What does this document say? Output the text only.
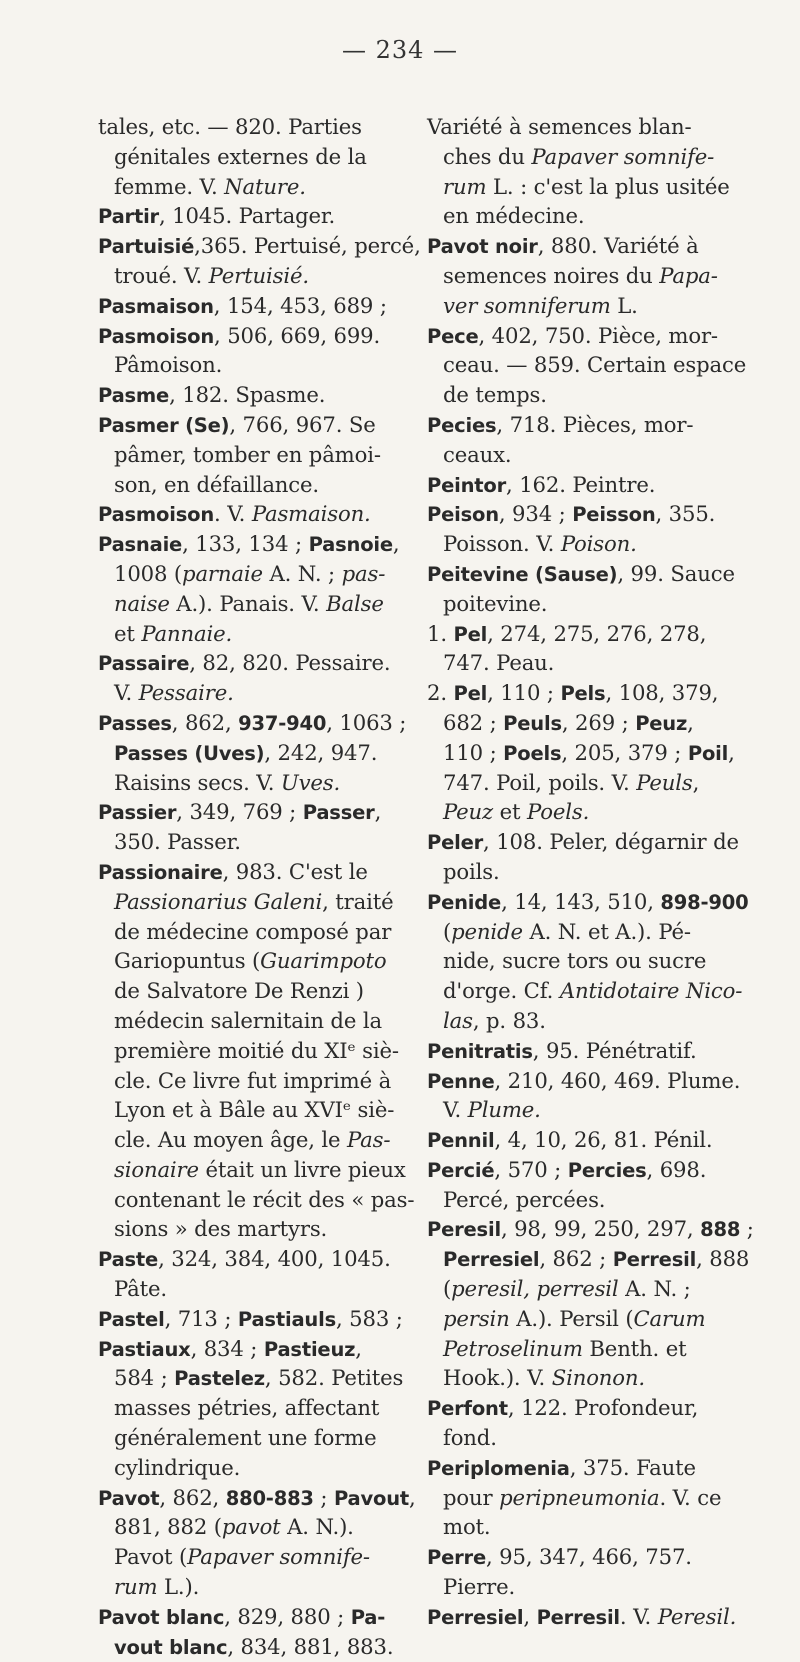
— 234 —
tales, etc. — 820. Parties
génitales externes de la
femme. V. Nature.
Partir, 1045. Partager.
Partuisié,365. Pertuisé, percé,
troué. V. Pertuisié.
Pasmaison, 154, 453, 689 ;
Pasmoison, 506, 669, 699.
Pâmoison.
Pasme, 182. Spasme.
Pasmer (Se), 766, 967. Se
pâmer, tomber en pâmoi-
son, en défaillance.
Pasmoison. V. Pasmaison.
Pasnaie, 133, 134 ; Pasnoie,
1008 (parnaie A. N. ; pas-
naise A.). Panais. V. Balse
et Pannaie.
Passaire, 82, 820. Pessaire.
V. Pessaire.
Passes, 862, 937-940, 1063 ;
Passes (Uves), 242, 947.
Raisins secs. V. Uves.
Passier, 349, 769 ; Passer,
350. Passer.
Passionaire, 983. C'est le
Passionarius Galeni, traité
de médecine composé par
Gariopuntus (Guarimpoto
de Salvatore De Renzi )
médecin salernitain de la
première moitié du XIᵉ siè-
cle. Ce livre fut imprimé à
Lyon et à Bâle au XVIᵉ siè-
cle. Au moyen âge, le Pas-
sionaire était un livre pieux
contenant le récit des « pas-
sions » des martyrs.
Paste, 324, 384, 400, 1045.
Pâte.
Pastel, 713 ; Pastiauls, 583 ;
Pastiaux, 834 ; Pastieuz,
584 ; Pastelez, 582. Petites
masses pétries, affectant
généralement une forme
cylindrique.
Pavot, 862, 880-883 ; Pavout,
881, 882 (pavot A. N.).
Pavot (Papaver somnife-
rum L.).
Pavot blanc, 829, 880 ; Pa-
vout blanc, 834, 881, 883.
Variété à semences blan-
ches du Papaver somnife-
rum L. : c'est la plus usitée
en médecine.
Pavot noir, 880. Variété à
semences noires du Papa-
ver somniferum L.
Pece, 402, 750. Pièce, mor-
ceau. — 859. Certain espace
de temps.
Pecies, 718. Pièces, mor-
ceaux.
Peintor, 162. Peintre.
Peison, 934 ; Peisson, 355.
Poisson. V. Poison.
Peitevine (Sause), 99. Sauce
poitevine.
1. Pel, 274, 275, 276, 278,
747. Peau.
2. Pel, 110 ; Pels, 108, 379,
682 ; Peuls, 269 ; Peuz,
110 ; Poels, 205, 379 ; Poil,
747. Poil, poils. V. Peuls,
Peuz et Poels.
Peler, 108. Peler, dégarnir de
poils.
Penide, 14, 143, 510, 898-900
(penide A. N. et A.). Pé-
nide, sucre tors ou sucre
d'orge. Cf. Antidotaire Nico-
las, p. 83.
Penitratis, 95. Pénétratif.
Penne, 210, 460, 469. Plume.
V. Plume.
Pennil, 4, 10, 26, 81. Pénil.
Percié, 570 ; Percies, 698.
Percé, percées.
Peresil, 98, 99, 250, 297, 888 ;
Perresiel, 862 ; Perresil, 888
(peresil, perresil A. N. ;
persin A.). Persil (Carum
Petroselinum Benth. et
Hook.). V. Sinonon.
Perfont, 122. Profondeur,
fond.
Periplomenia, 375. Faute
pour peripneumonia. V. ce
mot.
Perre, 95, 347, 466, 757.
Pierre.
Perresiel, Perresil. V. Peresil.
